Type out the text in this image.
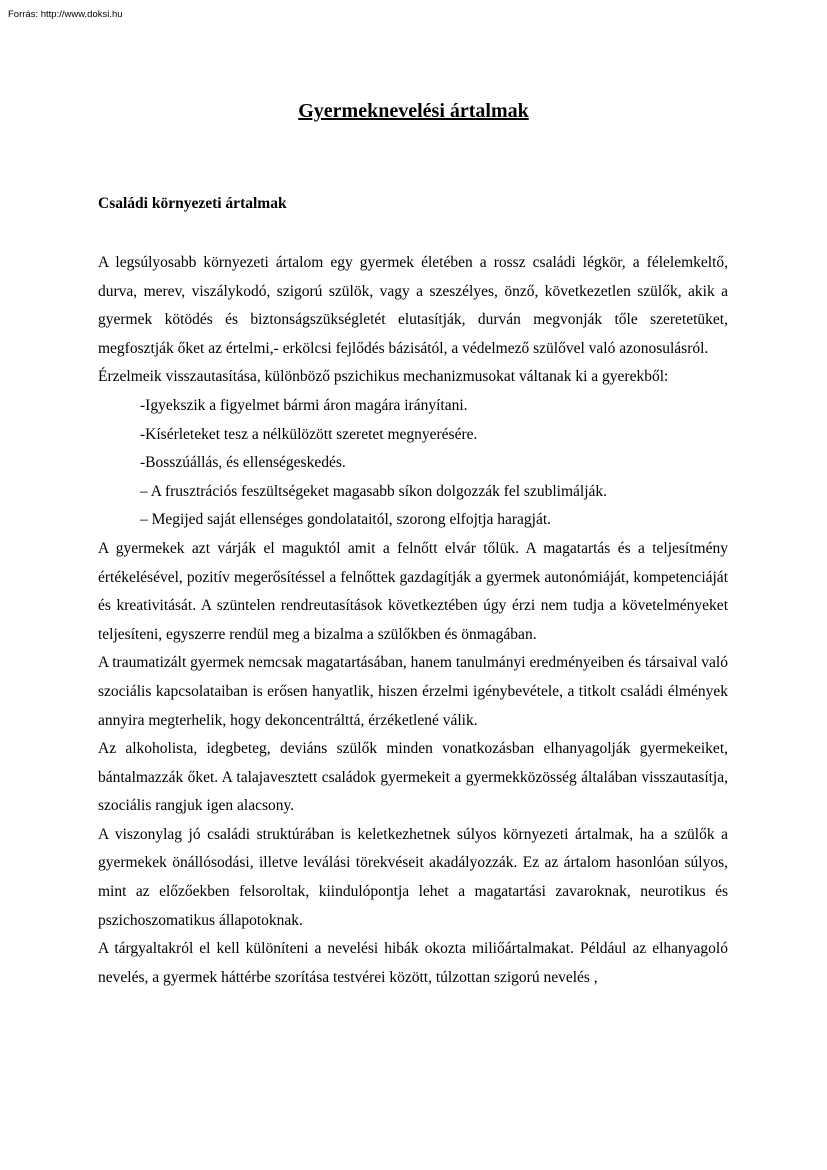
Forrás: http://www.doksi.hu
Gyermeknevelési ártalmak
Családi környezeti ártalmak

A legsúlyosabb környezeti ártalom egy gyermek életében a rossz családi légkör, a félelemkeltő, durva, merev, viszálykodó, szigorú szülök, vagy a szeszélyes, önző, következetlen szülők, akik a gyermek kötödés és biztonságszükségletét elutasítják, durván megvonják tőle szeretetüket, megfosztják őket az értelmi,- erkölcsi fejlődés bázisától, a védelmező szülővel való azonosulásról.

Érzelmeik visszautasítása, különböző pszichikus mechanizmusokat váltanak ki a gyerekből:

-Igyekszik a figyelmet bármi áron magára irányítani.

-Kísérleteket tesz a nélkülözött szeretet megnyerésére.

-Bosszúállás, és ellenségeskedés.

– A frusztrációs feszültségeket magasabb síkon dolgozzák fel szublimálják.

– Megijed saját ellenséges gondolataitól, szorong elfojtja haragját.

A gyermekek azt várják el maguktól amit a felnőtt elvár tőlük. A magatartás és a teljesítmény értékelésével, pozitív megerősítéssel a felnőttek gazdagítják a gyermek autonómiáját, kompetenciáját és kreativitását. A szüntelen rendreutasítások következtében úgy érzi nem tudja a követelményeket teljesíteni, egyszerre rendül meg a bizalma a szülőkben és önmagában.

A traumatizált gyermek nemcsak magatartásában, hanem tanulmányi eredményeiben és társaival való szociális kapcsolataiban is erősen hanyatlik, hiszen érzelmi igénybevétele, a titkolt családi élmények annyira megterhelik, hogy dekoncentrálttá, érzéketlené válik.

Az alkoholista, idegbeteg, deviáns szülők minden vonatkozásban elhanyagolják gyermekeiket, bántalmazzák őket. A talajavesztett családok gyermekeit a gyermekközösség általában visszautasítja, szociális rangjuk igen alacsony.

A viszonylag jó családi struktúrában is keletkezhetnek súlyos környezeti ártalmak, ha a szülők a gyermekek önállósodási, illetve leválási törekvéseit akadályozzák. Ez az ártalom hasonlóan súlyos, mint az előzőekben felsoroltak, kiindulópontja lehet a magatartási zavaroknak, neurotikus és pszichoszomatikus állapotoknak.

A tárgyaltakról el kell különíteni a nevelési hibák okozta miliőártalmakat. Például az elhanyagoló nevelés, a gyermek háttérbe szorítása testvérei között, túlzottan szigorú nevelés ,
